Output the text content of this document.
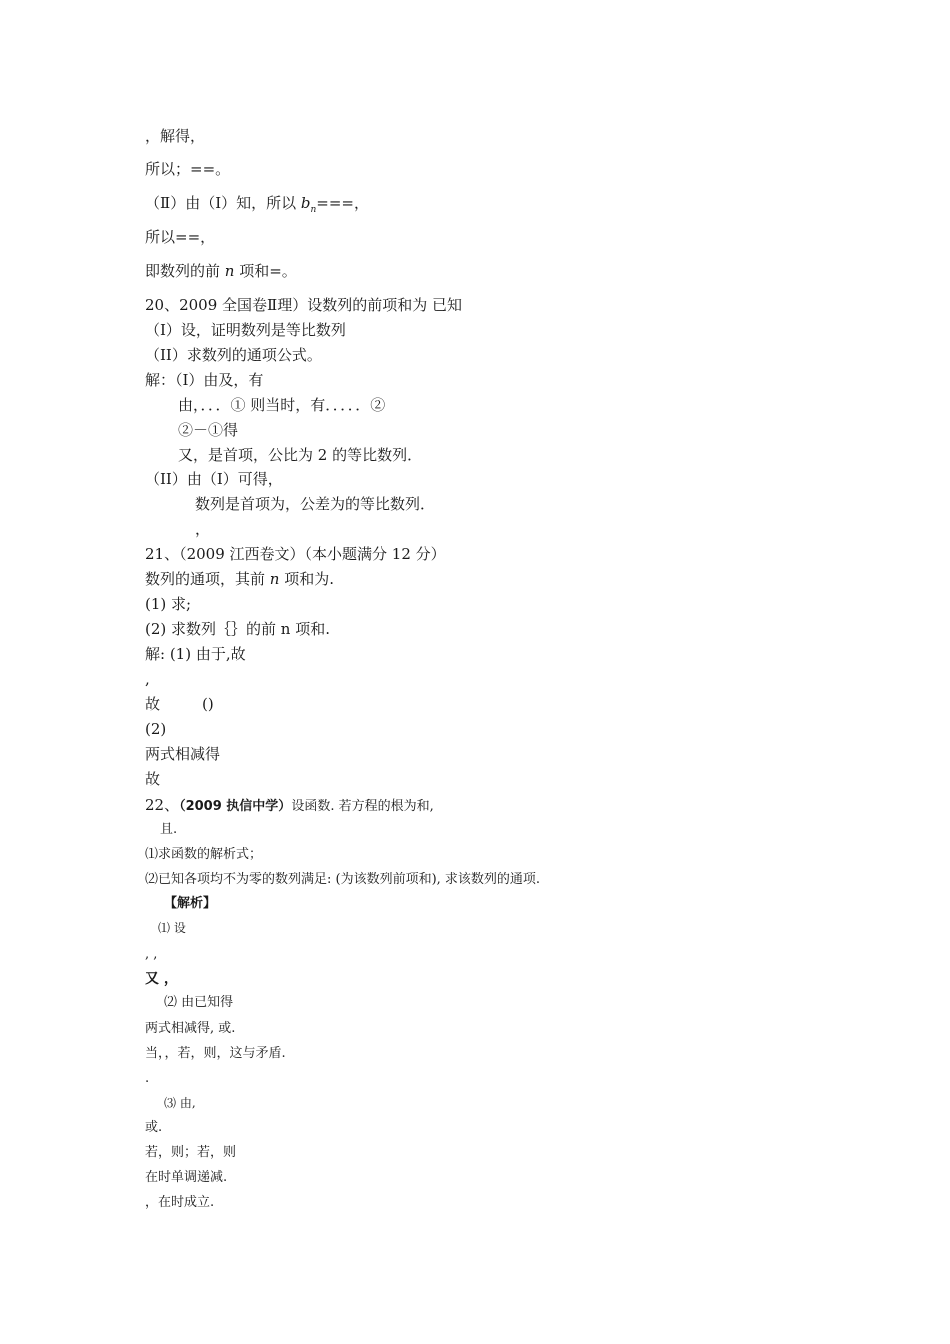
，解得，
所以；==。
（Ⅱ）由（Ⅰ）知，所以 $b_n===$，
所以==，
即数列的前 n 项和=。
20、2009 全国卷Ⅱ理）设数列的前项和为 已知
（I）设，证明数列是等比数列
（II）求数列的通项公式。
解：（I）由及，有
由，．．．① 则当时，有．．．．．②
②－①得
又，是首项，公比为 2 的等比数列．
（II）由（I）可得，
数列是首项为，公差为的等比数列．
，
21、（2009 江西卷文）（本小题满分 12 分）
数列的通项，其前 n 项和为.
(1) 求;
(2) 求数列｛｝的前 n 项和.
解: (1) 由于,故
,
故	()
(2)
两式相减得
故
22、（2009 执信中学）设函数. 若方程的根为和,
且.
⑴求函数的解析式；
⑵已知各项均不为零的数列满足: (为该数列前项和), 求该数列的通项.
【解析】
⑴ 设
, ,
又 ，
⑵ 由已知得
两式相减得, 或.
当，，若，则，这与矛盾.
.
⑶ 由,
或.
若，则；若，则
在时单调递减.
，在时成立.
